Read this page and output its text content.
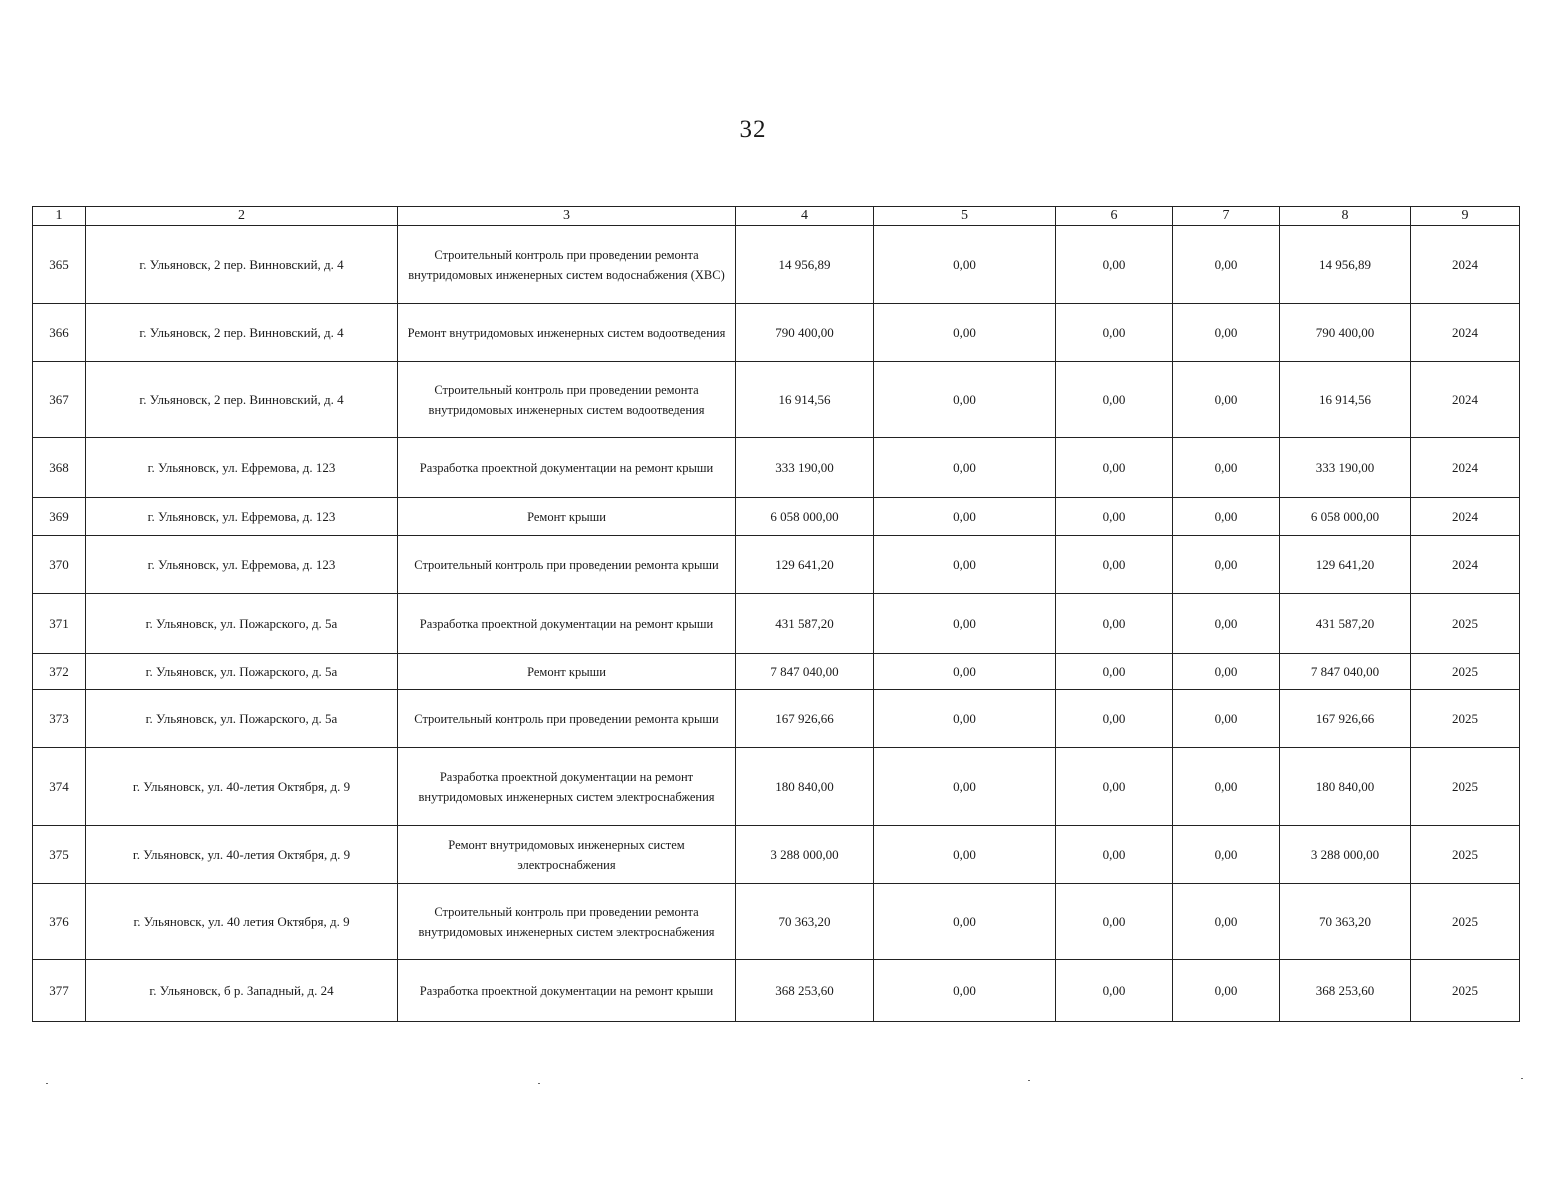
32
1	2	3	4	5	6	7	8	9
365	г. Ульяновск, 2 пер. Винновский, д. 4	Строительный контроль при проведении ремонта внутридомовых инженерных систем водоснабжения (ХВС)	14 956,89	0,00	0,00	0,00	14 956,89	2024
366	г. Ульяновск, 2 пер. Винновский, д. 4	Ремонт внутридомовых инженерных систем водоотведения	790 400,00	0,00	0,00	0,00	790 400,00	2024
367	г. Ульяновск, 2 пер. Винновский, д. 4	Строительный контроль при проведении ремонта внутридомовых инженерных систем водоотведения	16 914,56	0,00	0,00	0,00	16 914,56	2024
368	г. Ульяновск, ул. Ефремова, д. 123	Разработка проектной документации на ремонт крыши	333 190,00	0,00	0,00	0,00	333 190,00	2024
369	г. Ульяновск, ул. Ефремова, д. 123	Ремонт крыши	6 058 000,00	0,00	0,00	0,00	6 058 000,00	2024
370	г. Ульяновск, ул. Ефремова, д. 123	Строительный контроль при проведении ремонта крыши	129 641,20	0,00	0,00	0,00	129 641,20	2024
371	г. Ульяновск, ул. Пожарского, д. 5а	Разработка проектной документации на ремонт крыши	431 587,20	0,00	0,00	0,00	431 587,20	2025
372	г. Ульяновск, ул. Пожарского, д. 5а	Ремонт крыши	7 847 040,00	0,00	0,00	0,00	7 847 040,00	2025
373	г. Ульяновск, ул. Пожарского, д. 5а	Строительный контроль при проведении ремонта крыши	167 926,66	0,00	0,00	0,00	167 926,66	2025
374	г. Ульяновск, ул. 40-летия Октября, д. 9	Разработка проектной документации на ремонт внутридомовых инженерных систем электроснабжения	180 840,00	0,00	0,00	0,00	180 840,00	2025
375	г. Ульяновск, ул. 40-летия Октября, д. 9	Ремонт внутридомовых инженерных систем электроснабжения	3 288 000,00	0,00	0,00	0,00	3 288 000,00	2025
376	г. Ульяновск, ул. 40 летия Октября, д. 9	Строительный контроль при проведении ремонта внутридомовых инженерных систем электроснабжения	70 363,20	0,00	0,00	0,00	70 363,20	2025
377	г. Ульяновск, б р. Западный, д. 24	Разработка проектной документации на ремонт крыши	368 253,60	0,00	0,00	0,00	368 253,60	2025
